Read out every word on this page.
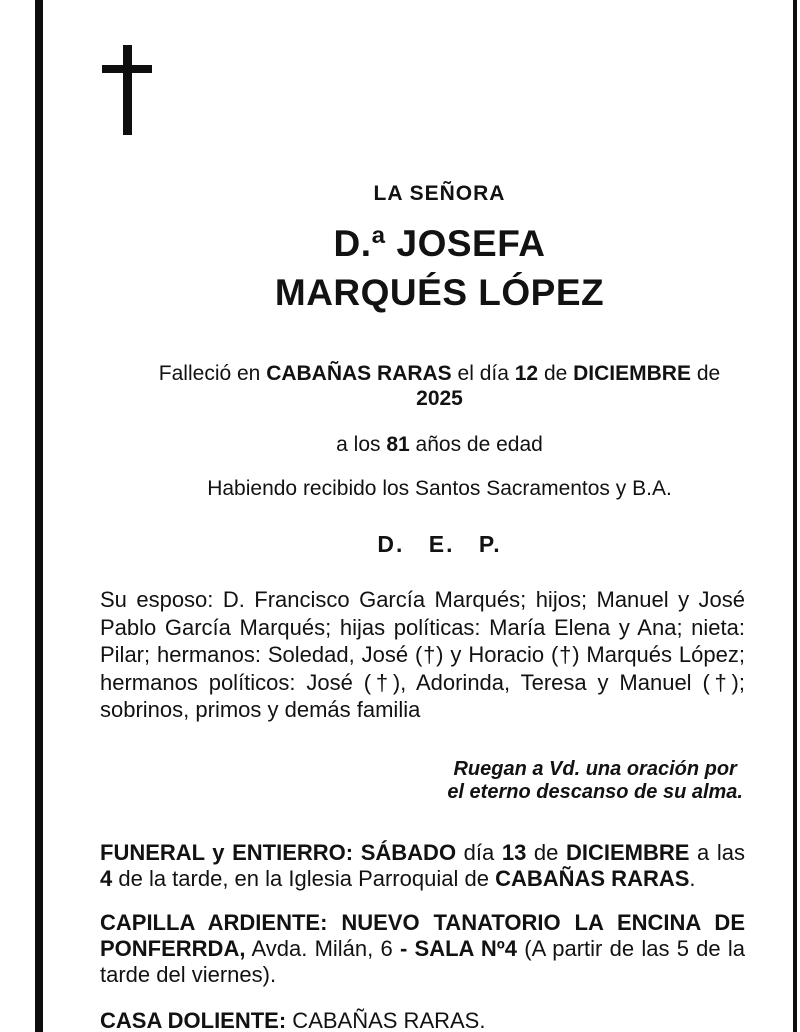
LA SEÑORA

D.ª JOSEFA
MARQUÉS LÓPEZ

Falleció en CABAÑAS RARAS el día 12 de DICIEMBRE de 2025

a los 81 años de edad

Habiendo recibido los Santos Sacramentos y B.A.

D. E. P.

Su esposo: D. Francisco García Marqués; hijos; Manuel y José Pablo García Marqués; hijas políticas: María Elena y Ana; nieta: Pilar; hermanos: Soledad, José (†) y Horacio (†) Marqués López; hermanos políticos: José (†), Adorinda, Teresa y Manuel (†); sobrinos, primos y demás familia

Ruegan a Vd. una oración por
el eterno descanso de su alma.

FUNERAL y ENTIERRO: SÁBADO día 13 de DICIEMBRE a las 4 de la tarde, en la Iglesia Parroquial de CABAÑAS RARAS.

CAPILLA ARDIENTE: NUEVO TANATORIO LA ENCINA DE PONFERRDA, Avda. Milán, 6 - SALA Nº4 (A partir de las 5 de la tarde del viernes).

CASA DOLIENTE: CABAÑAS RARAS.
